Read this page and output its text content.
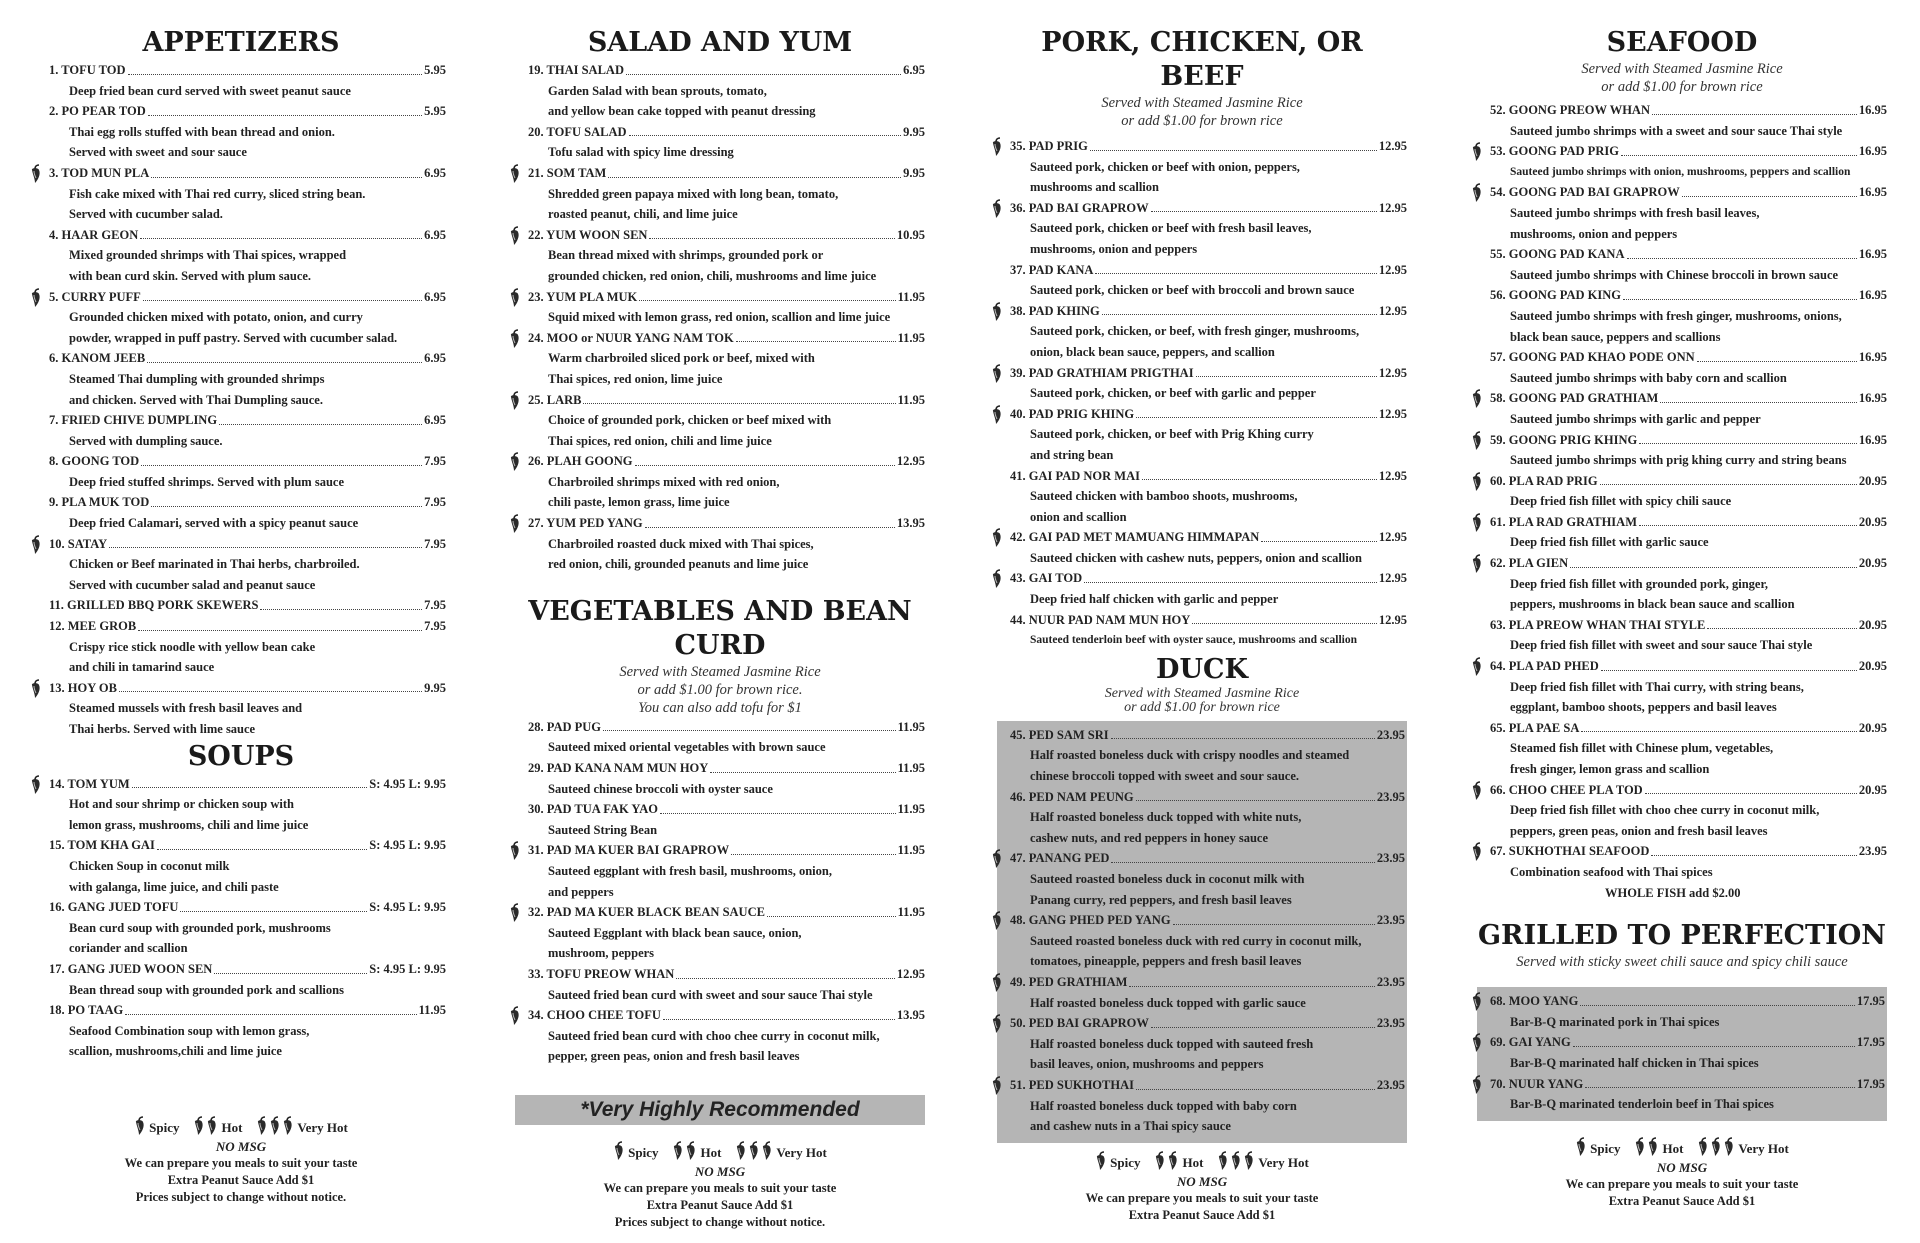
APPETIZERS
1. TOFU TOD	5.95
Deep fried bean curd served with sweet peanut sauce
2. PO PEAR TOD	5.95
Thai egg rolls stuffed with bean thread and onion.
Served with sweet and sour sauce
3. TOD MUN PLA	6.95
Fish cake mixed with Thai red curry, sliced string bean.
Served with cucumber salad.
4. HAAR GEON	6.95
Mixed grounded shrimps with Thai spices, wrapped
with bean curd skin. Served with plum sauce.
5. CURRY PUFF	6.95
Grounded chicken mixed with potato, onion, and curry
powder, wrapped in puff pastry. Served with cucumber salad.
6. KANOM JEEB	6.95
Steamed Thai dumpling with grounded shrimps
and chicken. Served with Thai Dumpling sauce.
7. FRIED CHIVE DUMPLING	6.95
Served with dumpling sauce.
8. GOONG TOD	7.95
Deep fried stuffed shrimps. Served with plum sauce
9. PLA MUK TOD	7.95
Deep fried Calamari, served with a spicy peanut sauce
10. SATAY	7.95
Chicken or Beef marinated in Thai herbs, charbroiled.
Served with cucumber salad and peanut sauce
11. GRILLED BBQ PORK SKEWERS	7.95
12. MEE GROB	7.95
Crispy rice stick noodle with yellow bean cake
and chili in tamarind sauce
13. HOY OB	9.95
Steamed mussels with fresh basil leaves and
Thai herbs. Served with lime sauce
SOUPS
14. TOM YUM	S: 4.95 L: 9.95
Hot and sour shrimp or chicken soup with
lemon grass, mushrooms, chili and lime juice
15. TOM KHA GAI	S: 4.95 L: 9.95
Chicken Soup in coconut milk
with galanga, lime juice, and chili paste
16. GANG JUED TOFU	S: 4.95 L: 9.95
Bean curd soup with grounded pork, mushrooms
coriander and scallion
17. GANG JUED WOON SEN	S: 4.95 L: 9.95
Bean thread soup with grounded pork and scallions
18. PO TAAG	11.95
Seafood Combination soup with lemon grass,
scallion, mushrooms,chili and lime juice
Spicy	Hot	Very Hot
NO MSG
We can prepare you meals to suit your taste
Extra Peanut Sauce Add $1
Prices subject to change without notice.
SALAD AND YUM
19. THAI SALAD	6.95
Garden Salad with bean sprouts, tomato,
and yellow bean cake topped with peanut dressing
20. TOFU SALAD	9.95
Tofu salad with spicy lime dressing
21. SOM TAM	9.95
Shredded green papaya mixed with long bean, tomato,
roasted peanut, chili, and lime juice
22. YUM WOON SEN	10.95
Bean thread mixed with shrimps, grounded pork or
grounded chicken, red onion, chili, mushrooms and lime juice
23. YUM PLA MUK	11.95
Squid mixed with lemon grass, red onion, scallion and lime juice
24. MOO or NUUR YANG NAM TOK	11.95
Warm charbroiled sliced pork or beef, mixed with
Thai spices, red onion, lime juice
25. LARB	11.95
Choice of grounded pork, chicken or beef mixed with
Thai spices, red onion, chili and lime juice
26. PLAH GOONG	12.95
Charbroiled shrimps mixed with red onion,
chili paste, lemon grass, lime juice
27. YUM PED YANG	13.95
Charbroiled roasted duck mixed with Thai spices,
red onion, chili, grounded peanuts and lime juice
VEGETABLES AND BEAN CURD
Served with Steamed Jasmine Rice
or add $1.00 for brown rice.
You can also add tofu for $1
28. PAD PUG	11.95
Sauteed mixed oriental vegetables with brown sauce
29. PAD KANA NAM MUN HOY	11.95
Sauteed chinese broccoli with oyster sauce
30. PAD TUA FAK YAO	11.95
Sauteed String Bean
31. PAD MA KUER BAI GRAPROW	11.95
Sauteed eggplant with fresh basil, mushrooms, onion,
and peppers
32. PAD MA KUER BLACK BEAN SAUCE	11.95
Sauteed Eggplant with black bean sauce, onion,
mushroom, peppers
33. TOFU PREOW WHAN	12.95
Sauteed fried bean curd with sweet and sour sauce Thai style
34. CHOO CHEE TOFU	13.95
Sauteed fried bean curd with choo chee curry in coconut milk,
pepper, green peas, onion and fresh basil leaves
*Very Highly Recommended
Spicy	Hot	Very Hot
NO MSG
We can prepare you meals to suit your taste
Extra Peanut Sauce Add $1
Prices subject to change without notice.
PORK, CHICKEN, OR BEEF
Served with Steamed Jasmine Rice
or add $1.00 for brown rice
35. PAD PRIG	12.95
Sauteed pork, chicken or beef with onion, peppers,
mushrooms and scallion
36. PAD BAI GRAPROW	12.95
Sauteed pork, chicken or beef with fresh basil leaves,
mushrooms, onion and peppers
37. PAD KANA	12.95
Sauteed pork, chicken or beef with broccoli and brown sauce
38. PAD KHING	12.95
Sauteed pork, chicken, or beef, with fresh ginger, mushrooms,
onion, black bean sauce, peppers, and scallion
39. PAD GRATHIAM PRIGTHAI	12.95
Sauteed pork, chicken, or beef with garlic and pepper
40. PAD PRIG KHING	12.95
Sauteed pork, chicken, or beef with Prig Khing curry
and string bean
41. GAI PAD NOR MAI	12.95
Sauteed chicken with bamboo shoots, mushrooms,
onion and scallion
42. GAI PAD MET MAMUANG HIMMAPAN	12.95
Sauteed chicken with cashew nuts, peppers, onion and scallion
43. GAI TOD	12.95
Deep fried half chicken with garlic and pepper
44. NUUR PAD NAM MUN HOY	12.95
Sauteed tenderloin beef with oyster sauce, mushrooms and scallion
DUCK
Served with Steamed Jasmine Rice
or add $1.00 for brown rice
45. PED SAM SRI	23.95
Half roasted boneless duck with crispy noodles and steamed
chinese broccoli topped with sweet and sour sauce.
46. PED NAM PEUNG	23.95
Half roasted boneless duck topped with white nuts,
cashew nuts, and red peppers in honey sauce
47. PANANG PED	23.95
Sauteed roasted boneless duck in coconut milk with
Panang curry, red peppers, and fresh basil leaves
48. GANG PHED PED YANG	23.95
Sauteed roasted boneless duck with red curry in coconut milk,
tomatoes, pineapple, peppers and fresh basil leaves
49. PED GRATHIAM	23.95
Half roasted boneless duck topped with garlic sauce
50. PED BAI GRAPROW	23.95
Half roasted boneless duck topped with sauteed fresh
basil leaves, onion, mushrooms and peppers
51. PED SUKHOTHAI	23.95
Half roasted boneless duck topped with baby corn
and cashew nuts in a Thai spicy sauce
Spicy	Hot	Very Hot
NO MSG
We can prepare you meals to suit your taste
Extra Peanut Sauce Add $1
SEAFOOD
Served with Steamed Jasmine Rice
or add $1.00 for brown rice
52. GOONG PREOW WHAN	16.95
Sauteed jumbo shrimps with a sweet and sour sauce Thai style
53. GOONG PAD PRIG	16.95
Sauteed jumbo shrimps with onion, mushrooms, peppers and scallion
54. GOONG PAD BAI GRAPROW	16.95
Sauteed jumbo shrimps with fresh basil leaves,
mushrooms, onion and peppers
55. GOONG PAD KANA	16.95
Sauteed jumbo shrimps with Chinese broccoli in brown sauce
56. GOONG PAD KING	16.95
Sauteed jumbo shrimps with fresh ginger, mushrooms, onions,
black bean sauce, peppers and scallions
57. GOONG PAD KHAO PODE ONN	16.95
Sauteed jumbo shrimps with baby corn and scallion
58. GOONG PAD GRATHIAM	16.95
Sauteed jumbo shrimps with garlic and pepper
59. GOONG PRIG KHING	16.95
Sauteed jumbo shrimps with prig khing curry and string beans
60. PLA RAD PRIG	20.95
Deep fried fish fillet with spicy chili sauce
61. PLA RAD GRATHIAM	20.95
Deep fried fish fillet with garlic sauce
62. PLA GIEN	20.95
Deep fried fish fillet with grounded pork, ginger,
peppers, mushrooms in black bean sauce and scallion
63. PLA PREOW WHAN THAI STYLE	20.95
Deep fried fish fillet with sweet and sour sauce Thai style
64. PLA PAD PHED	20.95
Deep fried fish fillet with Thai curry, with string beans,
eggplant, bamboo shoots, peppers and basil leaves
65. PLA PAE SA	20.95
Steamed fish fillet with Chinese plum, vegetables,
fresh ginger, lemon grass and scallion
66. CHOO CHEE PLA TOD	20.95
Deep fried fish fillet with choo chee curry in coconut milk,
peppers, green peas, onion and fresh basil leaves
67. SUKHOTHAI SEAFOOD	23.95
Combination seafood with Thai spices
WHOLE FISH add $2.00
GRILLED TO PERFECTION
Served with sticky sweet chili sauce and spicy chili sauce
68. MOO YANG	17.95
Bar-B-Q marinated pork in Thai spices
69. GAI YANG	17.95
Bar-B-Q marinated half chicken in Thai spices
70. NUUR YANG	17.95
Bar-B-Q marinated tenderloin beef in Thai spices
Spicy	Hot	Very Hot
NO MSG
We can prepare you meals to suit your taste
Extra Peanut Sauce Add $1
